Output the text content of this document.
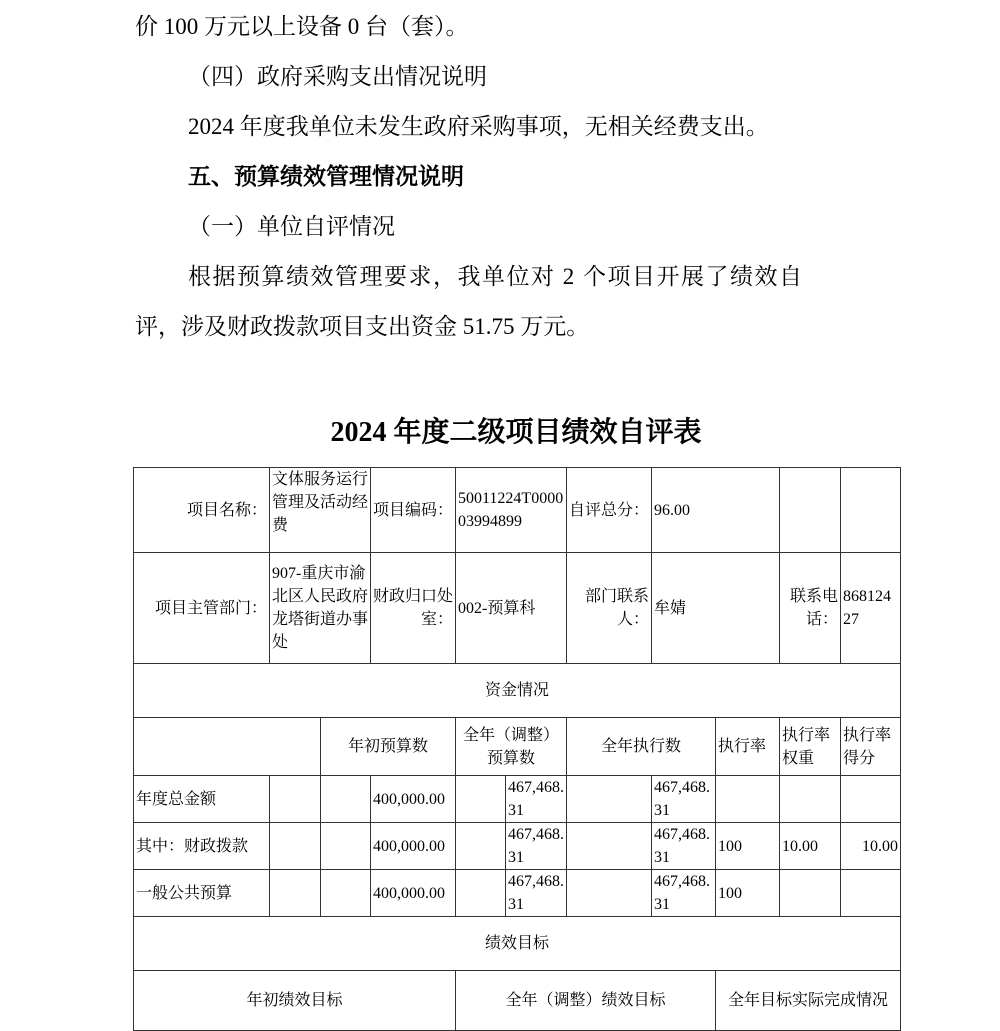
价 100 万元以上设备 0 台（套）。
（四）政府采购支出情况说明
2024 年度我单位未发生政府采购事项，无相关经费支出。
五、预算绩效管理情况说明
（一）单位自评情况
根据预算绩效管理要求，我单位对 2 个项目开展了绩效自
评，涉及财政拨款项目支出资金 51.75 万元。
2024 年度二级项目绩效自评表
项目名称：	文体服务运行管理及活动经费		项目编码：	50011224T000003994899		自评总分：	96.00			
项目主管部门：	907-重庆市渝北区人民政府龙塔街道办事处		财政归口处室：	002-预算科		部门联系人：	牟婧		联系电话：	86812427
资金情况										
		年初预算数		全年（调整）预算数		全年执行数		执行率	执行率权重	执行率得分
年度总金额			400,000.00		467,468.31		467,468.31			
其中：财政拨款			400,000.00		467,468.31		467,468.31	100	10.00	10.00
一般公共预算			400,000.00		467,468.31		467,468.31	100		
绩效目标										
年初绩效目标				全年（调整）绩效目标				全年目标实际完成情况		
